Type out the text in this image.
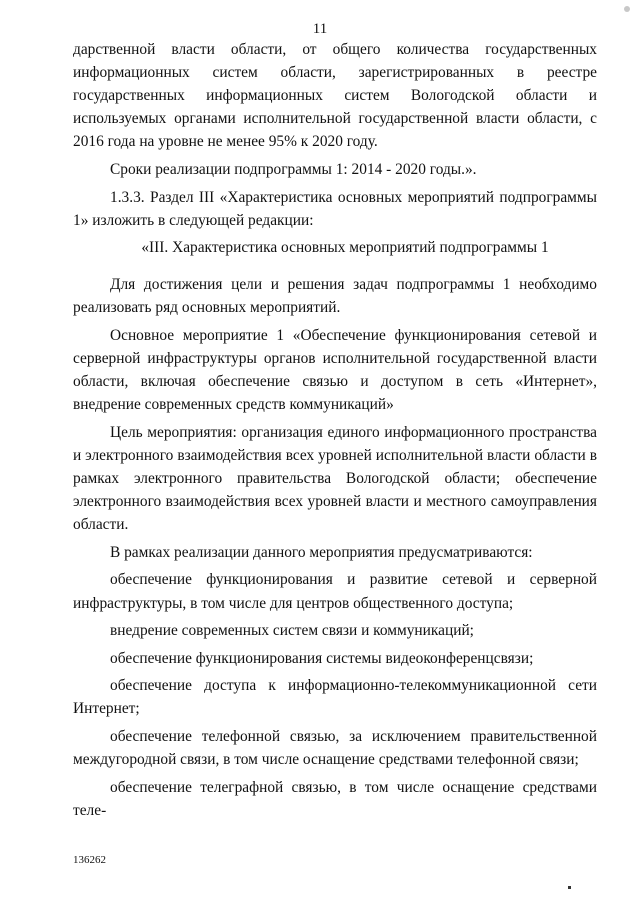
11

дарственной власти области, от общего количества государственных информационных систем области, зарегистрированных в реестре государственных информационных систем Вологодской области и используемых органами исполнительной государственной власти области, с 2016 года на уровне не менее 95% к 2020 году.

Сроки реализации подпрограммы 1: 2014 - 2020 годы.».

1.3.3. Раздел III «Характеристика основных мероприятий подпрограммы 1» изложить в следующей редакции:

«III. Характеристика основных мероприятий подпрограммы 1

Для достижения цели и решения задач подпрограммы 1 необходимо реализовать ряд основных мероприятий.

Основное мероприятие 1 «Обеспечение функционирования сетевой и серверной инфраструктуры органов исполнительной государственной власти области, включая обеспечение связью и доступом в сеть «Интернет», внедрение современных средств коммуникаций»

Цель мероприятия: организация единого информационного пространства и электронного взаимодействия всех уровней исполнительной власти области в рамках электронного правительства Вологодской области; обеспечение электронного взаимодействия всех уровней власти и местного самоуправления области.

В рамках реализации данного мероприятия предусматриваются:

обеспечение функционирования и развитие сетевой и серверной инфраструктуры, в том числе для центров общественного доступа;

внедрение современных систем связи и коммуникаций;

обеспечение функционирования системы видеоконференцсвязи;

обеспечение доступа к информационно-телекоммуникационной сети Интернет;

обеспечение телефонной связью, за исключением правительственной междугородной связи, в том числе оснащение средствами телефонной связи;

обеспечение телеграфной связью, в том числе оснащение средствами теле-

136262
